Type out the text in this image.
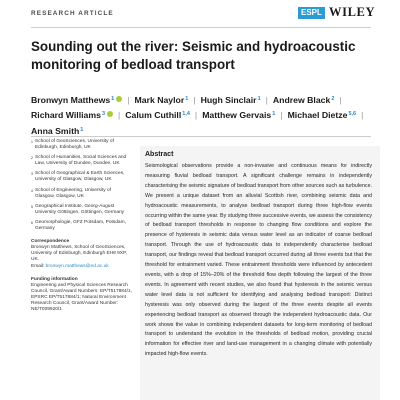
RESEARCH ARTICLE	ESPL WILEY
Sounding out the river: Seismic and hydroacoustic monitoring of bedload transport
Bronwyn Matthews$^1$ | Mark Naylor$^1$ | Hugh Sinclair$^1$ | Andrew Black$^2$ |
Richard Williams$^3$ | Calum Cuthill$^{1,4}$ | Matthew Gervais$^1$ | Michael Dietze$^{5,6}$ |
Anna Smith$^1$
1 School of GeoSciences, University of Edinburgh, Edinburgh, UK
2 School of Humanities, Social Sciences and Law, University of Dundee, Dundee, UK
3 School of Geographical & Earth Sciences, University of Glasgow, Glasgow, UK
4 School of Engineering, University of Glasgow, Glasgow, UK
5 Geographical Institute, Georg-August University Göttingen, Göttingen, Germany
6 Geomorphologie, GFZ Potsdam, Potsdam, Germany
Correspondence

Bronwyn Matthews, School of GeoSciences, University of Edinburgh, Edinburgh EH8 9XP, UK.

Email: bronwyn.matthews@ed.ac.uk

Funding information

Engineering and Physical Sciences Research Council, Grant/Award Numbers: EP/T517884/1, EPSRC EP/T517884/1; Natural Environment Research Council, Grant/Award Number: NE/T009920/1

Abstract

Seismological observations provide a non-invasive and continuous means for indirectly measuring fluvial bedload transport. A significant challenge remains in independently characterising the seismic signature of bedload transport from other sources such as turbulence. We present a unique dataset from an alluvial Scottish river, combining seismic data and hydroacoustic measurements, to analyse bedload transport during three high-flow events occurring within the same year. By studying three successive events, we assess the consistency of bedload transport thresholds in response to changing flow conditions and explore the presence of hysteresis in seismic data versus water level as an indicator of coarse bedload transport. Through the use of hydroacoustic data to independently characterise bedload transport, our findings reveal that bedload transport occurred during all three events but that the threshold for entrainment varied. These entrainment thresholds were influenced by antecedent events, with a drop of 15%–20% of the threshold flow depth following the largest of the three events. In agreement with recent studies, we also found that hysteresis in the seismic versus water level data is not sufficient for identifying and analysing bedload transport: Distinct hysteresis was only observed during the largest of the three events despite all events experiencing bedload transport as observed through the independent hydroacoustic data. Our work shows the value in combining independent datasets for long-term monitoring of bedload transport to understand the evolution in the thresholds of bedload motion, providing crucial information for effective river and land-use management in a changing climate with potentially impacted high-flow events.
